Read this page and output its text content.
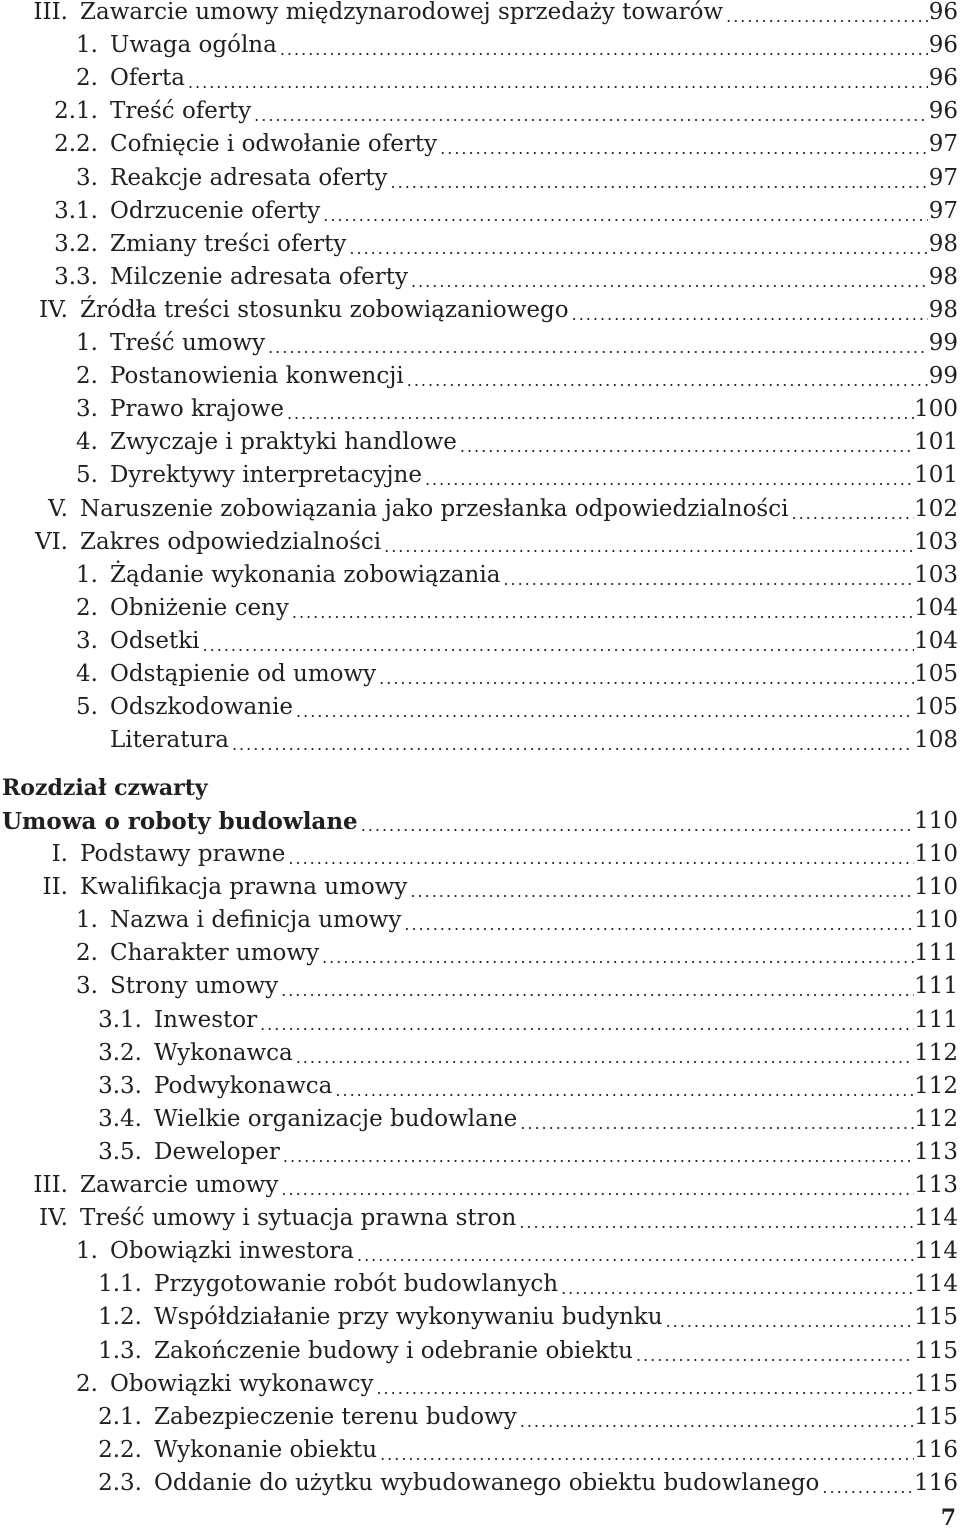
III. Zawarcie umowy międzynarodowej sprzedaży towarów .....	96
1. Uwaga ogólna .....	96
2. Oferta .....	96
2.1. Treść oferty .....	96
2.2. Cofnięcie i odwołanie oferty .....	97
3. Reakcje adresata oferty .....	97
3.1. Odrzucenie oferty .....	97
3.2. Zmiany treści oferty .....	98
3.3. Milczenie adresata oferty .....	98
IV. Źródła treści stosunku zobowiązaniowego .....	98
1. Treść umowy .....	99
2. Postanowienia konwencji .....	99
3. Prawo krajowe .....	100
4. Zwyczaje i praktyki handlowe .....	101
5. Dyrektywy interpretacyjne .....	101
V. Naruszenie zobowiązania jako przesłanka odpowiedzialności .....	102
VI. Zakres odpowiedzialności .....	103
1. Żądanie wykonania zobowiązania .....	103
2. Obniżenie ceny .....	104
3. Odsetki .....	104
4. Odstąpienie od umowy .....	105
5. Odszkodowanie .....	105
Literatura .....	108
Rozdział czwarty
Umowa o roboty budowlane .....	110
I. Podstawy prawne .....	110
II. Kwalifikacja prawna umowy .....	110
1. Nazwa i definicja umowy .....	110
2. Charakter umowy .....	111
3. Strony umowy .....	111
3.1. Inwestor .....	111
3.2. Wykonawca .....	112
3.3. Podwykonawca .....	112
3.4. Wielkie organizacje budowlane .....	112
3.5. Deweloper .....	113
III. Zawarcie umowy .....	113
IV. Treść umowy i sytuacja prawna stron .....	114
1. Obowiązki inwestora .....	114
1.1. Przygotowanie robót budowlanych .....	114
1.2. Współdziałanie przy wykonywaniu budynku .....	115
1.3. Zakończenie budowy i odebranie obiektu .....	115
2. Obowiązki wykonawcy .....	115
2.1. Zabezpieczenie terenu budowy .....	115
2.2. Wykonanie obiektu .....	116
2.3. Oddanie do użytku wybudowanego obiektu budowlanego .....	116
7
